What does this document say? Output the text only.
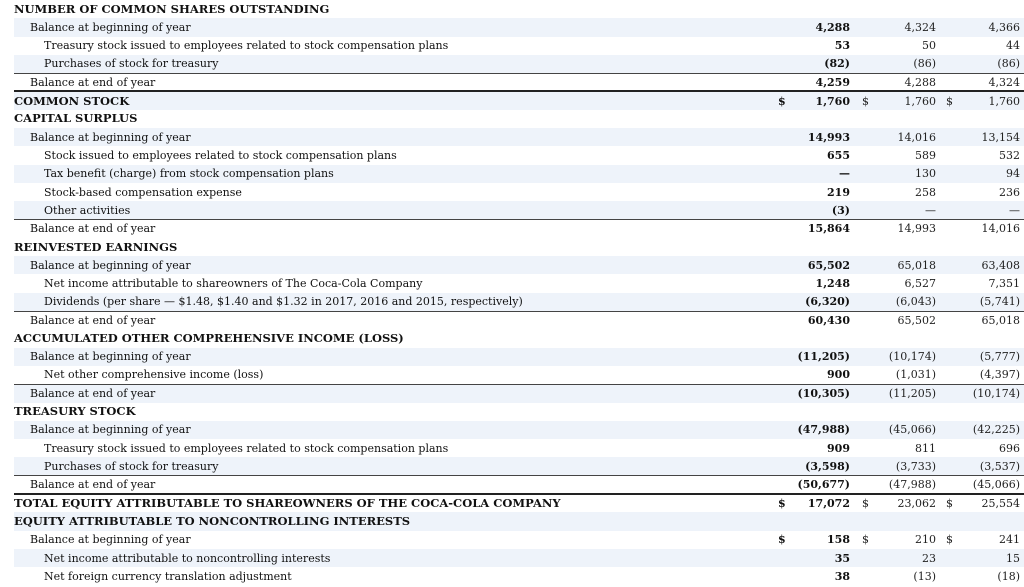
NUMBER OF COMMON SHARES OUTSTANDING	

Balance at beginning of year	4,288	4,324	4,366
Treasury stock issued to employees related to stock compensation plans	53	50	44
Purchases of stock for treasury	(82)	(86)	(86)
Balance at end of year	4,259	4,288	4,324
COMMON STOCK	$ 1,760	$ 1,760	$ 1,760
CAPITAL SURPLUS	

Balance at beginning of year	14,993	14,016	13,154
Stock issued to employees related to stock compensation plans	655	589	532
Tax benefit (charge) from stock compensation plans	—	130	94
Stock-based compensation expense	219	258	236
Other activities	(3)	—	—
Balance at end of year	15,864	14,993	14,016
REINVESTED EARNINGS	

Balance at beginning of year	65,502	65,018	63,408
Net income attributable to shareowners of The Coca-Cola Company	1,248	6,527	7,351
Dividends (per share — $1.48, $1.40 and $1.32 in 2017, 2016 and 2015, respectively)	(6,320)	(6,043)	(5,741)
Balance at end of year	60,430	65,502	65,018
ACCUMULATED OTHER COMPREHENSIVE INCOME (LOSS)	

Balance at beginning of year	(11,205)	(10,174)	(5,777)
Net other comprehensive income (loss)	900	(1,031)	(4,397)
Balance at end of year	(10,305)	(11,205)	(10,174)
TREASURY STOCK	

Balance at beginning of year	(47,988)	(45,066)	(42,225)
Treasury stock issued to employees related to stock compensation plans	909	811	696
Purchases of stock for treasury	(3,598)	(3,733)	(3,537)
Balance at end of year	(50,677)	(47,988)	(45,066)
TOTAL EQUITY ATTRIBUTABLE TO SHAREOWNERS OF THE COCA-COLA COMPANY	$ 17,072	$ 23,062	$ 25,554
EQUITY ATTRIBUTABLE TO NONCONTROLLING INTERESTS	

Balance at beginning of year	$ 158	$ 210	$ 241
Net income attributable to noncontrolling interests	35	23	15
Net foreign currency translation adjustment	38	(13)	(18)
